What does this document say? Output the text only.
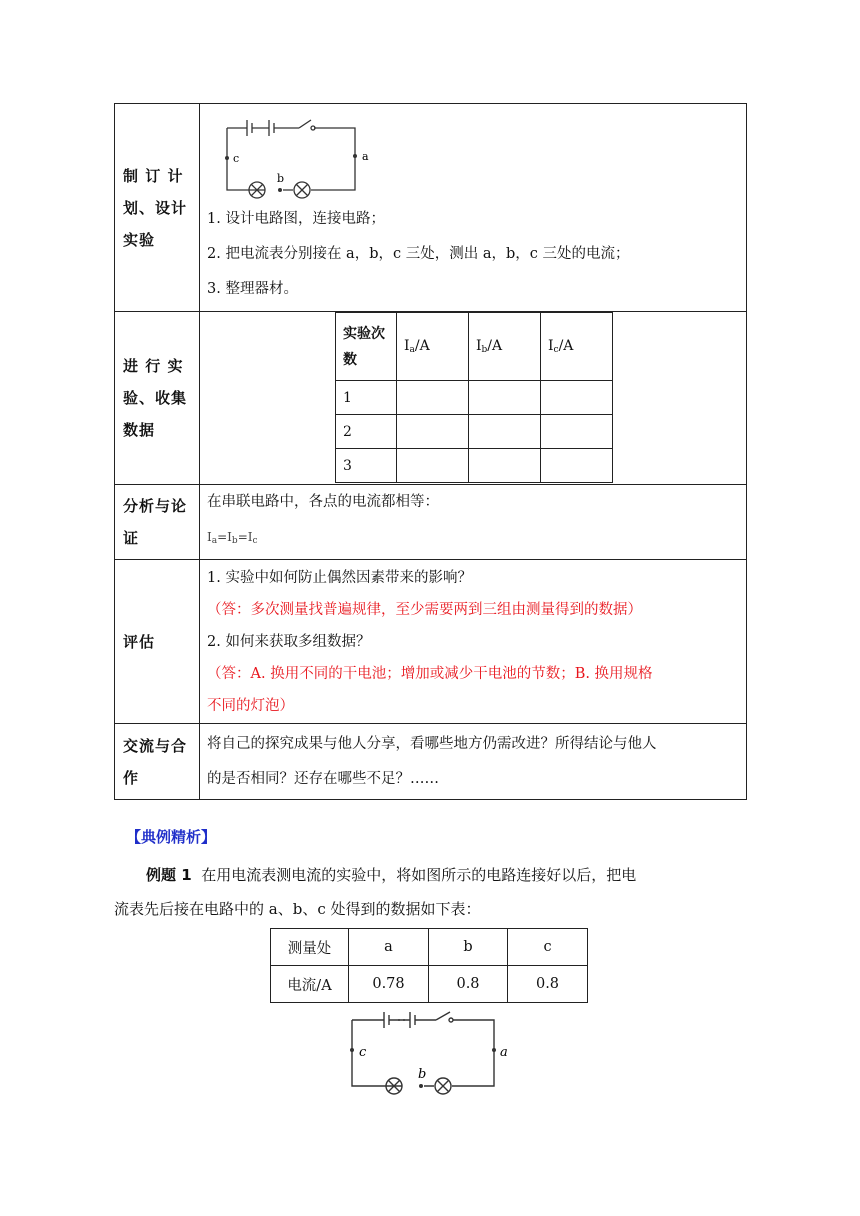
制 订 计划、设计实验	
c	a
b
1. 设计电路图，连接电路；
2. 把电流表分别接在 a，b，c 三处，测出 a，b，c 三处的电流；
3. 整理器材。

进 行 实验、收集数据	
实验次数	$I_a/A$	$I_b/A$	$I_c/A$
1			
2			
3			

分析与论证	
在串联电路中，各点的电流都相等：
$I_a=I_b=I_c$

评估	
1. 实验中如何防止偶然因素带来的影响？
（答：多次测量找普遍规律，至少需要两到三组由测量得到的数据）
2. 如何来获取多组数据？
（答：A. 换用不同的干电池；增加或减少干电池的节数；B. 换用规格
不同的灯泡）

交流与合作	
将自己的探究成果与他人分享，看哪些地方仍需改进？所得结论与他人
的是否相同？还存在哪些不足？……
【典例精析】
例题 1 在用电流表测电流的实验中，将如图所示的电路连接好以后，把电
流表先后接在电路中的 a、b、c 处得到的数据如下表：
测量处	a	b	c
电流/A	0.78	0.8	0.8
c	a
b
